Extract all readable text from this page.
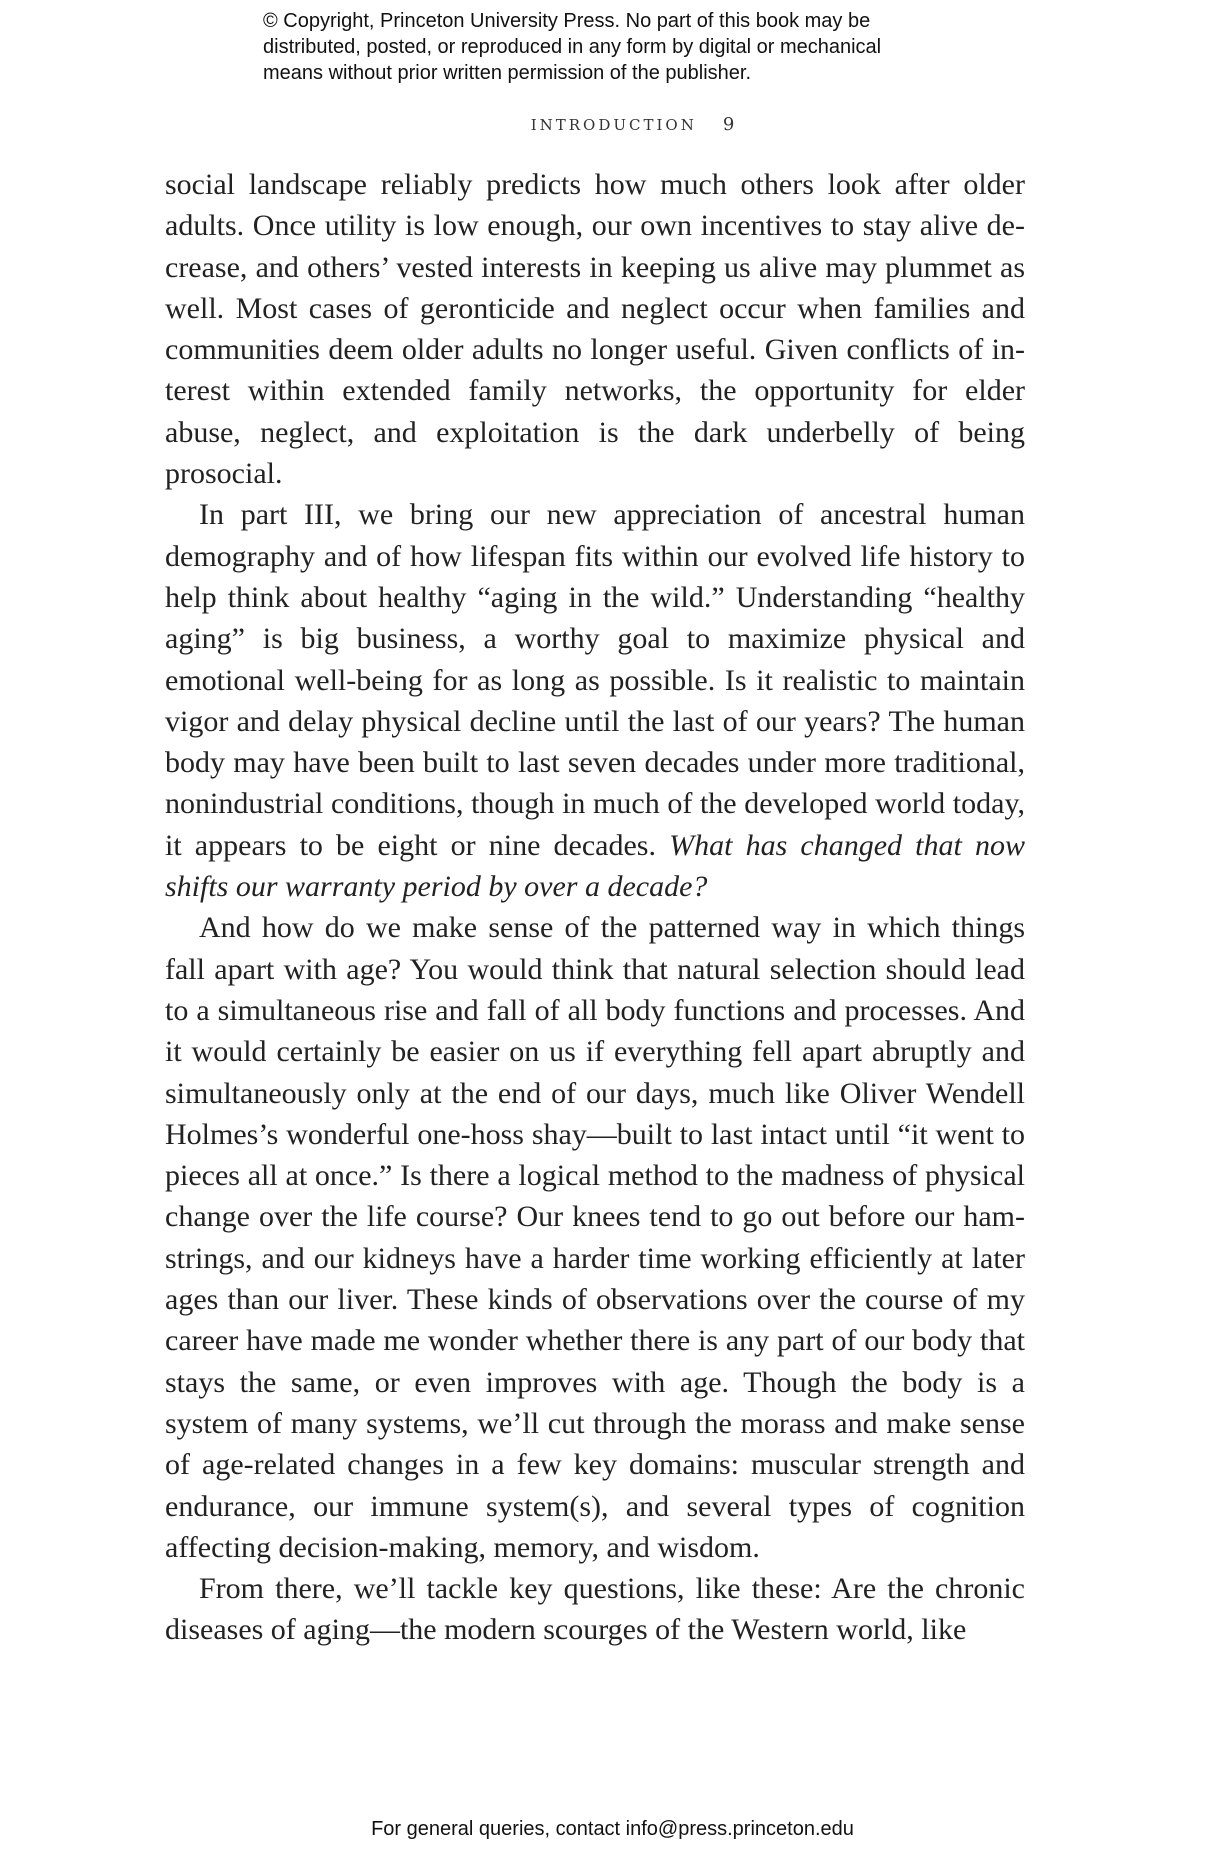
© Copyright, Princeton University Press. No part of this book may be
distributed, posted, or reproduced in any form by digital or mechanical
means without prior written permission of the publisher.
INTRODUCTION 9

social landscape reliably predicts how much others look after older adults. Once utility is low enough, our own incentives to stay alive decrease, and others’ vested interests in keeping us alive may plummet as well. Most cases of geronticide and neglect occur when families and communities deem older adults no longer useful. Given conflicts of interest within extended family networks, the opportunity for elder abuse, neglect, and exploitation is the dark underbelly of being prosocial.

In part III, we bring our new appreciation of ancestral human demography and of how lifespan fits within our evolved life history to help think about healthy “aging in the wild.” Understanding “healthy aging” is big business, a worthy goal to maximize physical and emotional well-being for as long as possible. Is it realistic to maintain vigor and delay physical decline until the last of our years? The human body may have been built to last seven decades under more traditional, nonindustrial conditions, though in much of the developed world today, it appears to be eight or nine decades. What has changed that now shifts our warranty period by over a decade?

And how do we make sense of the patterned way in which things fall apart with age? You would think that natural selection should lead to a simultaneous rise and fall of all body functions and processes. And it would certainly be easier on us if everything fell apart abruptly and simultaneously only at the end of our days, much like Oliver Wendell Holmes’s wonderful one-hoss shay—built to last intact until “it went to pieces all at once.” Is there a logical method to the madness of physical change over the life course? Our knees tend to go out before our hamstrings, and our kidneys have a harder time working efficiently at later ages than our liver. These kinds of observations over the course of my career have made me wonder whether there is any part of our body that stays the same, or even improves with age. Though the body is a system of many systems, we’ll cut through the morass and make sense of age-related changes in a few key domains: muscular strength and endurance, our immune system(s), and several types of cognition affecting decision-making, memory, and wisdom.

From there, we’ll tackle key questions, like these: Are the chronic diseases of aging—the modern scourges of the Western world, like

For general queries, contact info@press.princeton.edu
